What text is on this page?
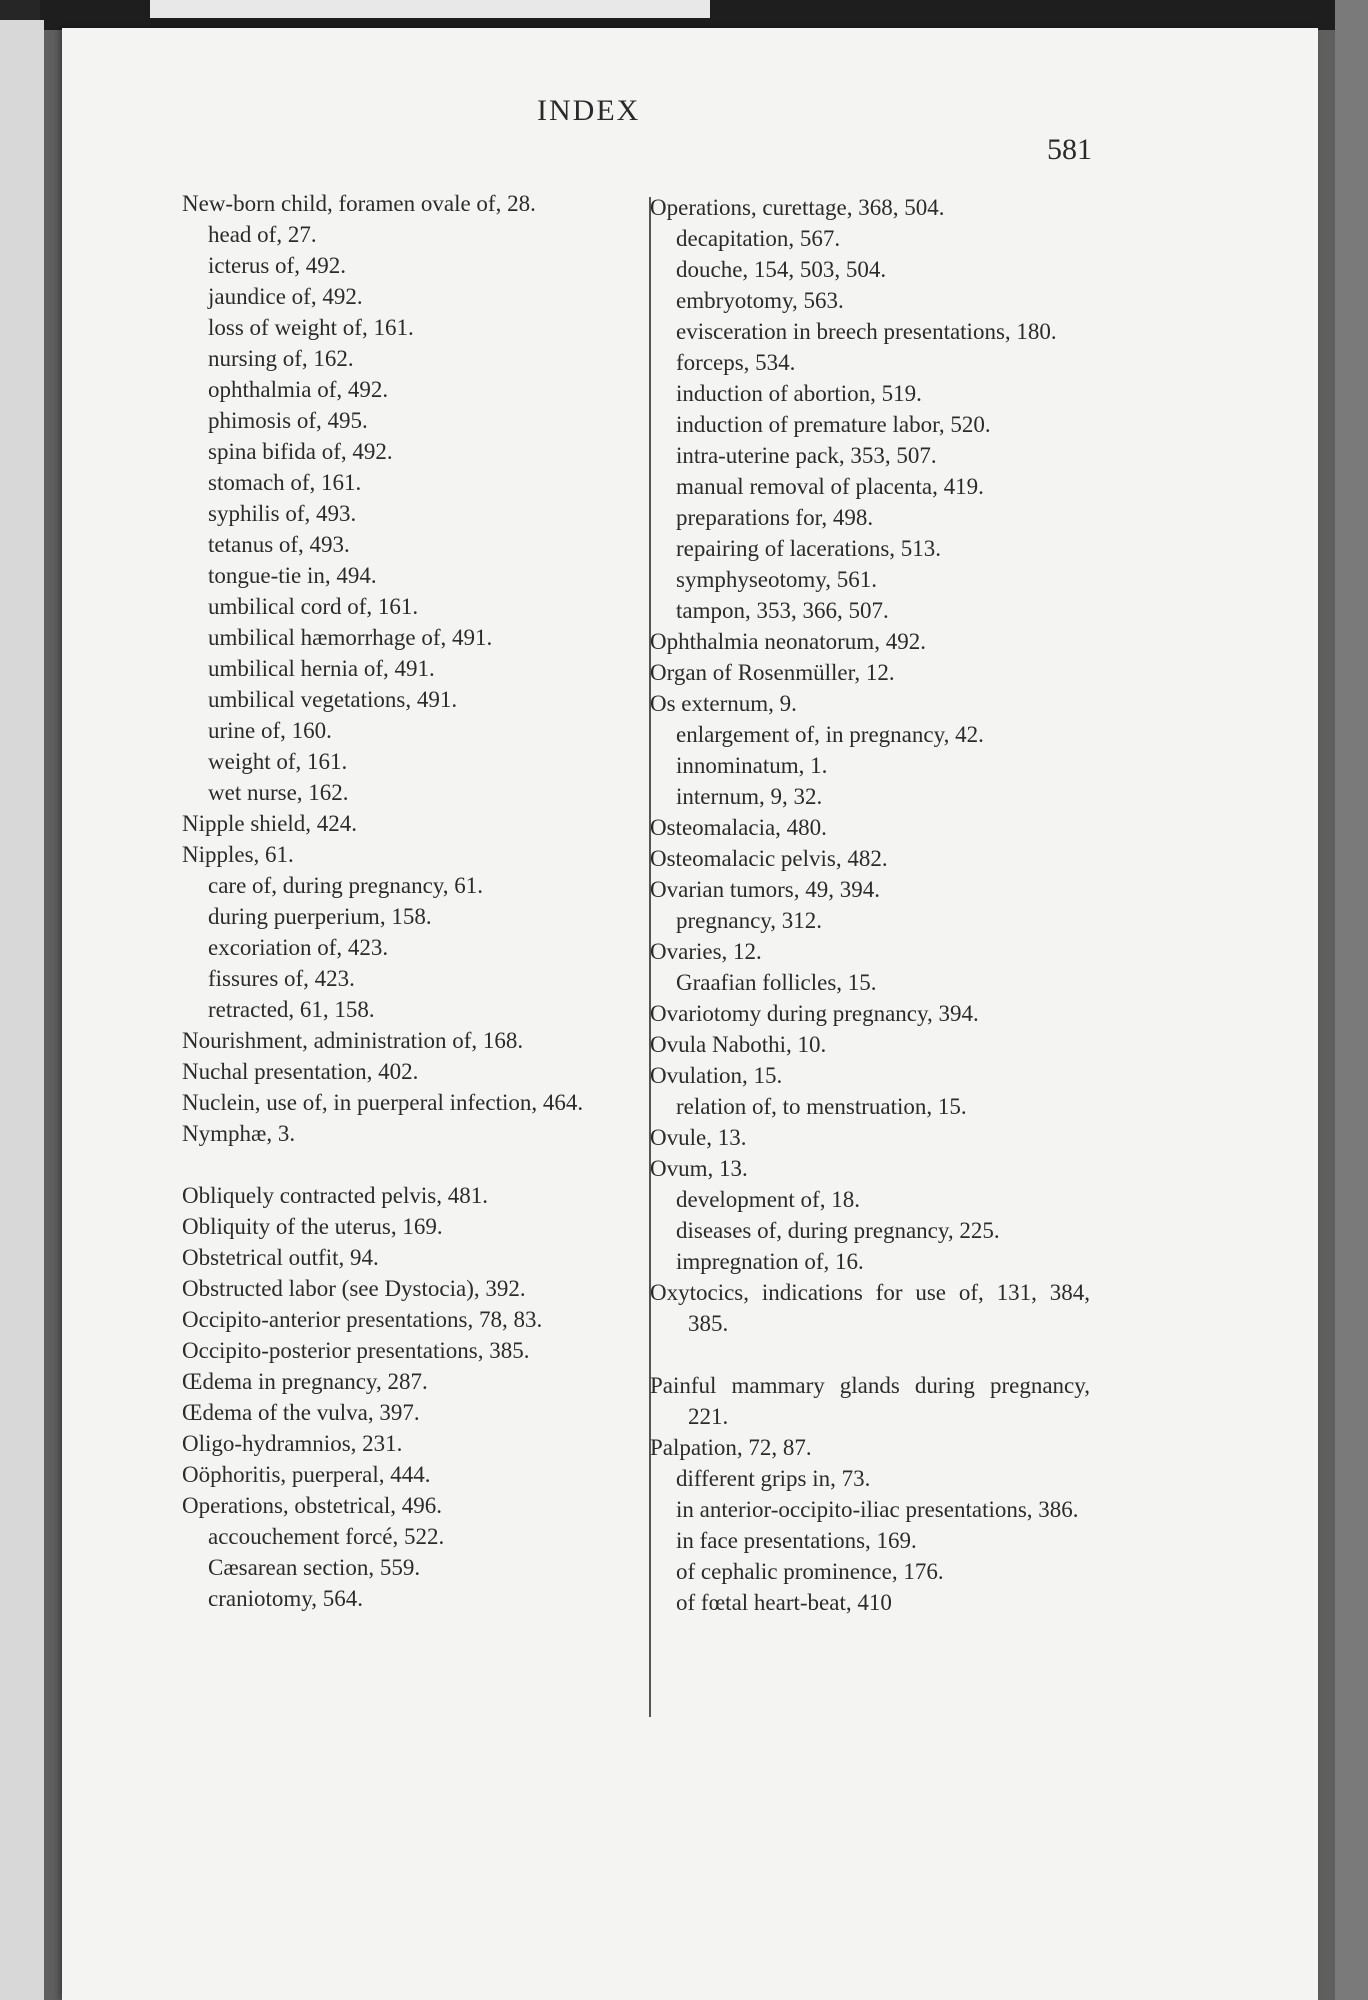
INDEX
581
New-born child, foramen ovale of, 28.
head of, 27.
icterus of, 492.
jaundice of, 492.
loss of weight of, 161.
nursing of, 162.
ophthalmia of, 492.
phimosis of, 495.
spina bifida of, 492.
stomach of, 161.
syphilis of, 493.
tetanus of, 493.
tongue-tie in, 494.
umbilical cord of, 161.
umbilical hæmorrhage of, 491.
umbilical hernia of, 491.
umbilical vegetations, 491.
urine of, 160.
weight of, 161.
wet nurse, 162.
Nipple shield, 424.
Nipples, 61.
care of, during pregnancy, 61.
during puerperium, 158.
excoriation of, 423.
fissures of, 423.
retracted, 61, 158.
Nourishment, administration of, 168.
Nuchal presentation, 402.
Nuclein, use of, in puerperal infection, 464.
Nymphæ, 3.
Obliquely contracted pelvis, 481.
Obliquity of the uterus, 169.
Obstetrical outfit, 94.
Obstructed labor (see Dystocia), 392.
Occipito-anterior presentations, 78, 83.
Occipito-posterior presentations, 385.
Œdema in pregnancy, 287.
Œdema of the vulva, 397.
Oligo-hydramnios, 231.
Oöphoritis, puerperal, 444.
Operations, obstetrical, 496.
accouchement forcé, 522.
Cæsarean section, 559.
craniotomy, 564.
Operations, curettage, 368, 504.
decapitation, 567.
douche, 154, 503, 504.
embryotomy, 563.
evisceration in breech presentations, 180.
forceps, 534.
induction of abortion, 519.
induction of premature labor, 520.
intra-uterine pack, 353, 507.
manual removal of placenta, 419.
preparations for, 498.
repairing of lacerations, 513.
symphyseotomy, 561.
tampon, 353, 366, 507.
Ophthalmia neonatorum, 492.
Organ of Rosenmüller, 12.
Os externum, 9.
enlargement of, in pregnancy, 42.
innominatum, 1.
internum, 9, 32.
Osteomalacia, 480.
Osteomalacic pelvis, 482.
Ovarian tumors, 49, 394.
pregnancy, 312.
Ovaries, 12.
Graafian follicles, 15.
Ovariotomy during pregnancy, 394.
Ovula Nabothi, 10.
Ovulation, 15.
relation of, to menstruation, 15.
Ovule, 13.
Ovum, 13.
development of, 18.
diseases of, during pregnancy, 225.
impregnation of, 16.
Oxytocics, indications for use of, 131, 384, 385.
Painful mammary glands during pregnancy, 221.
Palpation, 72, 87.
different grips in, 73.
in anterior-occipito-iliac presentations, 386.
in face presentations, 169.
of cephalic prominence, 176.
of fœtal heart-beat, 410
